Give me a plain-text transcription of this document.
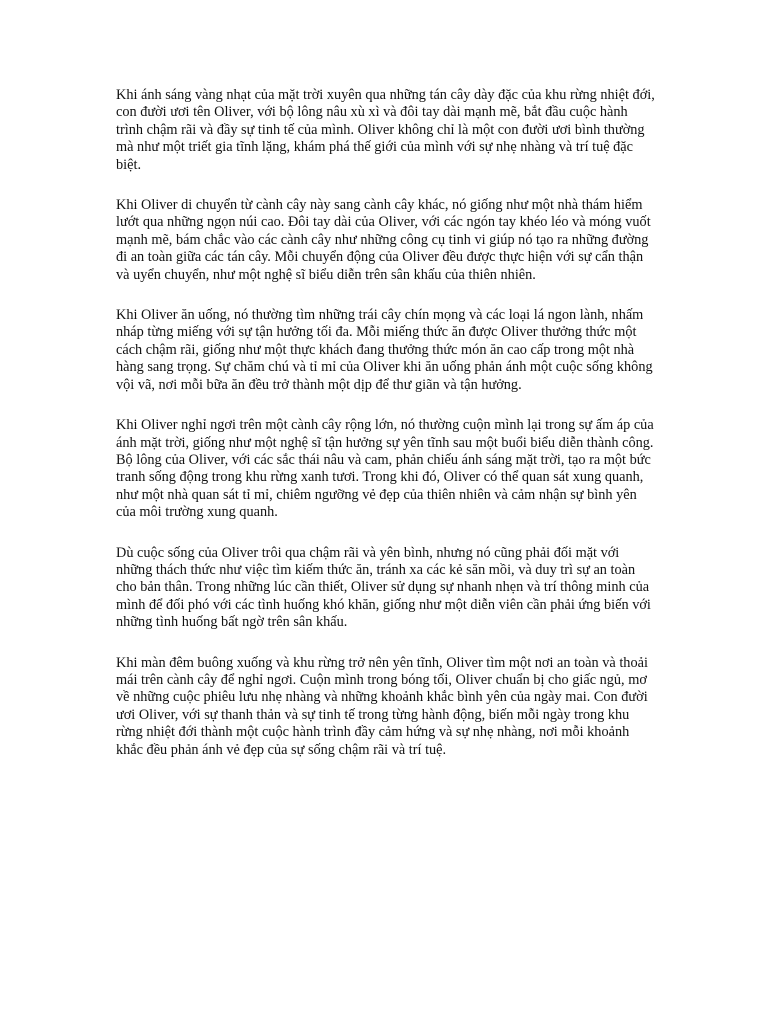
Khi ánh sáng vàng nhạt của mặt trời xuyên qua những tán cây dày đặc của khu rừng nhiệt đới, con đười ươi tên Oliver, với bộ lông nâu xù xì và đôi tay dài mạnh mẽ, bắt đầu cuộc hành trình chậm rãi và đầy sự tinh tế của mình. Oliver không chỉ là một con đười ươi bình thường mà như một triết gia tĩnh lặng, khám phá thế giới của mình với sự nhẹ nhàng và trí tuệ đặc biệt.

Khi Oliver di chuyển từ cành cây này sang cành cây khác, nó giống như một nhà thám hiểm lướt qua những ngọn núi cao. Đôi tay dài của Oliver, với các ngón tay khéo léo và móng vuốt mạnh mẽ, bám chắc vào các cành cây như những công cụ tinh vi giúp nó tạo ra những đường đi an toàn giữa các tán cây. Mỗi chuyển động của Oliver đều được thực hiện với sự cẩn thận và uyển chuyển, như một nghệ sĩ biểu diễn trên sân khấu của thiên nhiên.

Khi Oliver ăn uống, nó thường tìm những trái cây chín mọng và các loại lá ngon lành, nhấm nháp từng miếng với sự tận hưởng tối đa. Mỗi miếng thức ăn được Oliver thưởng thức một cách chậm rãi, giống như một thực khách đang thưởng thức món ăn cao cấp trong một nhà hàng sang trọng. Sự chăm chú và tỉ mỉ của Oliver khi ăn uống phản ánh một cuộc sống không vội vã, nơi mỗi bữa ăn đều trở thành một dịp để thư giãn và tận hưởng.

Khi Oliver nghỉ ngơi trên một cành cây rộng lớn, nó thường cuộn mình lại trong sự ấm áp của ánh mặt trời, giống như một nghệ sĩ tận hưởng sự yên tĩnh sau một buổi biểu diễn thành công. Bộ lông của Oliver, với các sắc thái nâu và cam, phản chiếu ánh sáng mặt trời, tạo ra một bức tranh sống động trong khu rừng xanh tươi. Trong khi đó, Oliver có thể quan sát xung quanh, như một nhà quan sát tỉ mỉ, chiêm ngưỡng vẻ đẹp của thiên nhiên và cảm nhận sự bình yên của môi trường xung quanh.

Dù cuộc sống của Oliver trôi qua chậm rãi và yên bình, nhưng nó cũng phải đối mặt với những thách thức như việc tìm kiếm thức ăn, tránh xa các kẻ săn mồi, và duy trì sự an toàn cho bản thân. Trong những lúc cần thiết, Oliver sử dụng sự nhanh nhẹn và trí thông minh của mình để đối phó với các tình huống khó khăn, giống như một diễn viên cần phải ứng biến với những tình huống bất ngờ trên sân khấu.

Khi màn đêm buông xuống và khu rừng trở nên yên tĩnh, Oliver tìm một nơi an toàn và thoải mái trên cành cây để nghỉ ngơi. Cuộn mình trong bóng tối, Oliver chuẩn bị cho giấc ngủ, mơ về những cuộc phiêu lưu nhẹ nhàng và những khoảnh khắc bình yên của ngày mai. Con đười ươi Oliver, với sự thanh thản và sự tinh tế trong từng hành động, biến mỗi ngày trong khu rừng nhiệt đới thành một cuộc hành trình đầy cảm hứng và sự nhẹ nhàng, nơi mỗi khoảnh khắc đều phản ánh vẻ đẹp của sự sống chậm rãi và trí tuệ.
